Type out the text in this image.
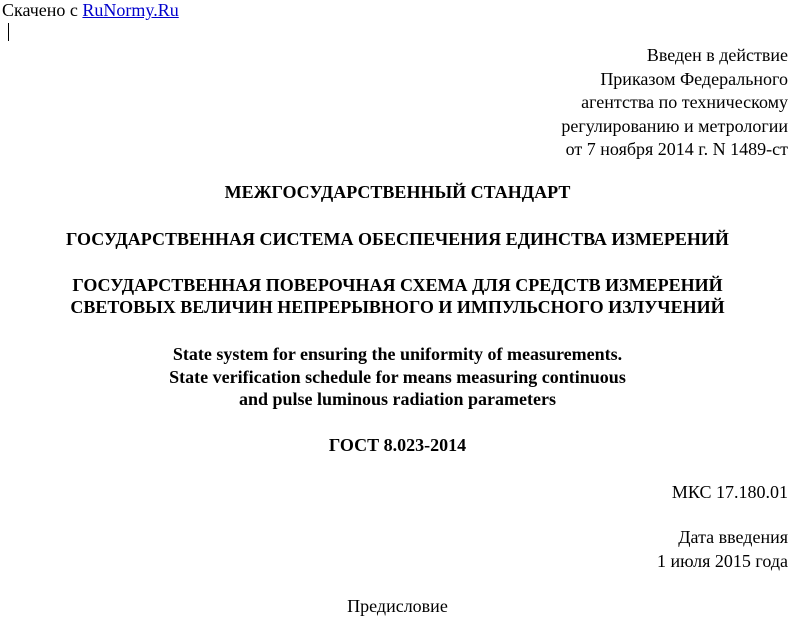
Скачено с RuNormy.Ru
Введен в действие
Приказом Федерального
агентства по техническому
регулированию и метрологии
от 7 ноября 2014 г. N 1489-ст
МЕЖГОСУДАРСТВЕННЫЙ СТАНДАРТ
ГОСУДАРСТВЕННАЯ СИСТЕМА ОБЕСПЕЧЕНИЯ ЕДИНСТВА ИЗМЕРЕНИЙ
ГОСУДАРСТВЕННАЯ ПОВЕРОЧНАЯ СХЕМА ДЛЯ СРЕДСТВ ИЗМЕРЕНИЙ
СВЕТОВЫХ ВЕЛИЧИН НЕПРЕРЫВНОГО И ИМПУЛЬСНОГО ИЗЛУЧЕНИЙ
State system for ensuring the uniformity of measurements.
State verification schedule for means measuring continuous
and pulse luminous radiation parameters
ГОСТ 8.023-2014
МКС 17.180.01
Дата введения
1 июля 2015 года
Предисловие
